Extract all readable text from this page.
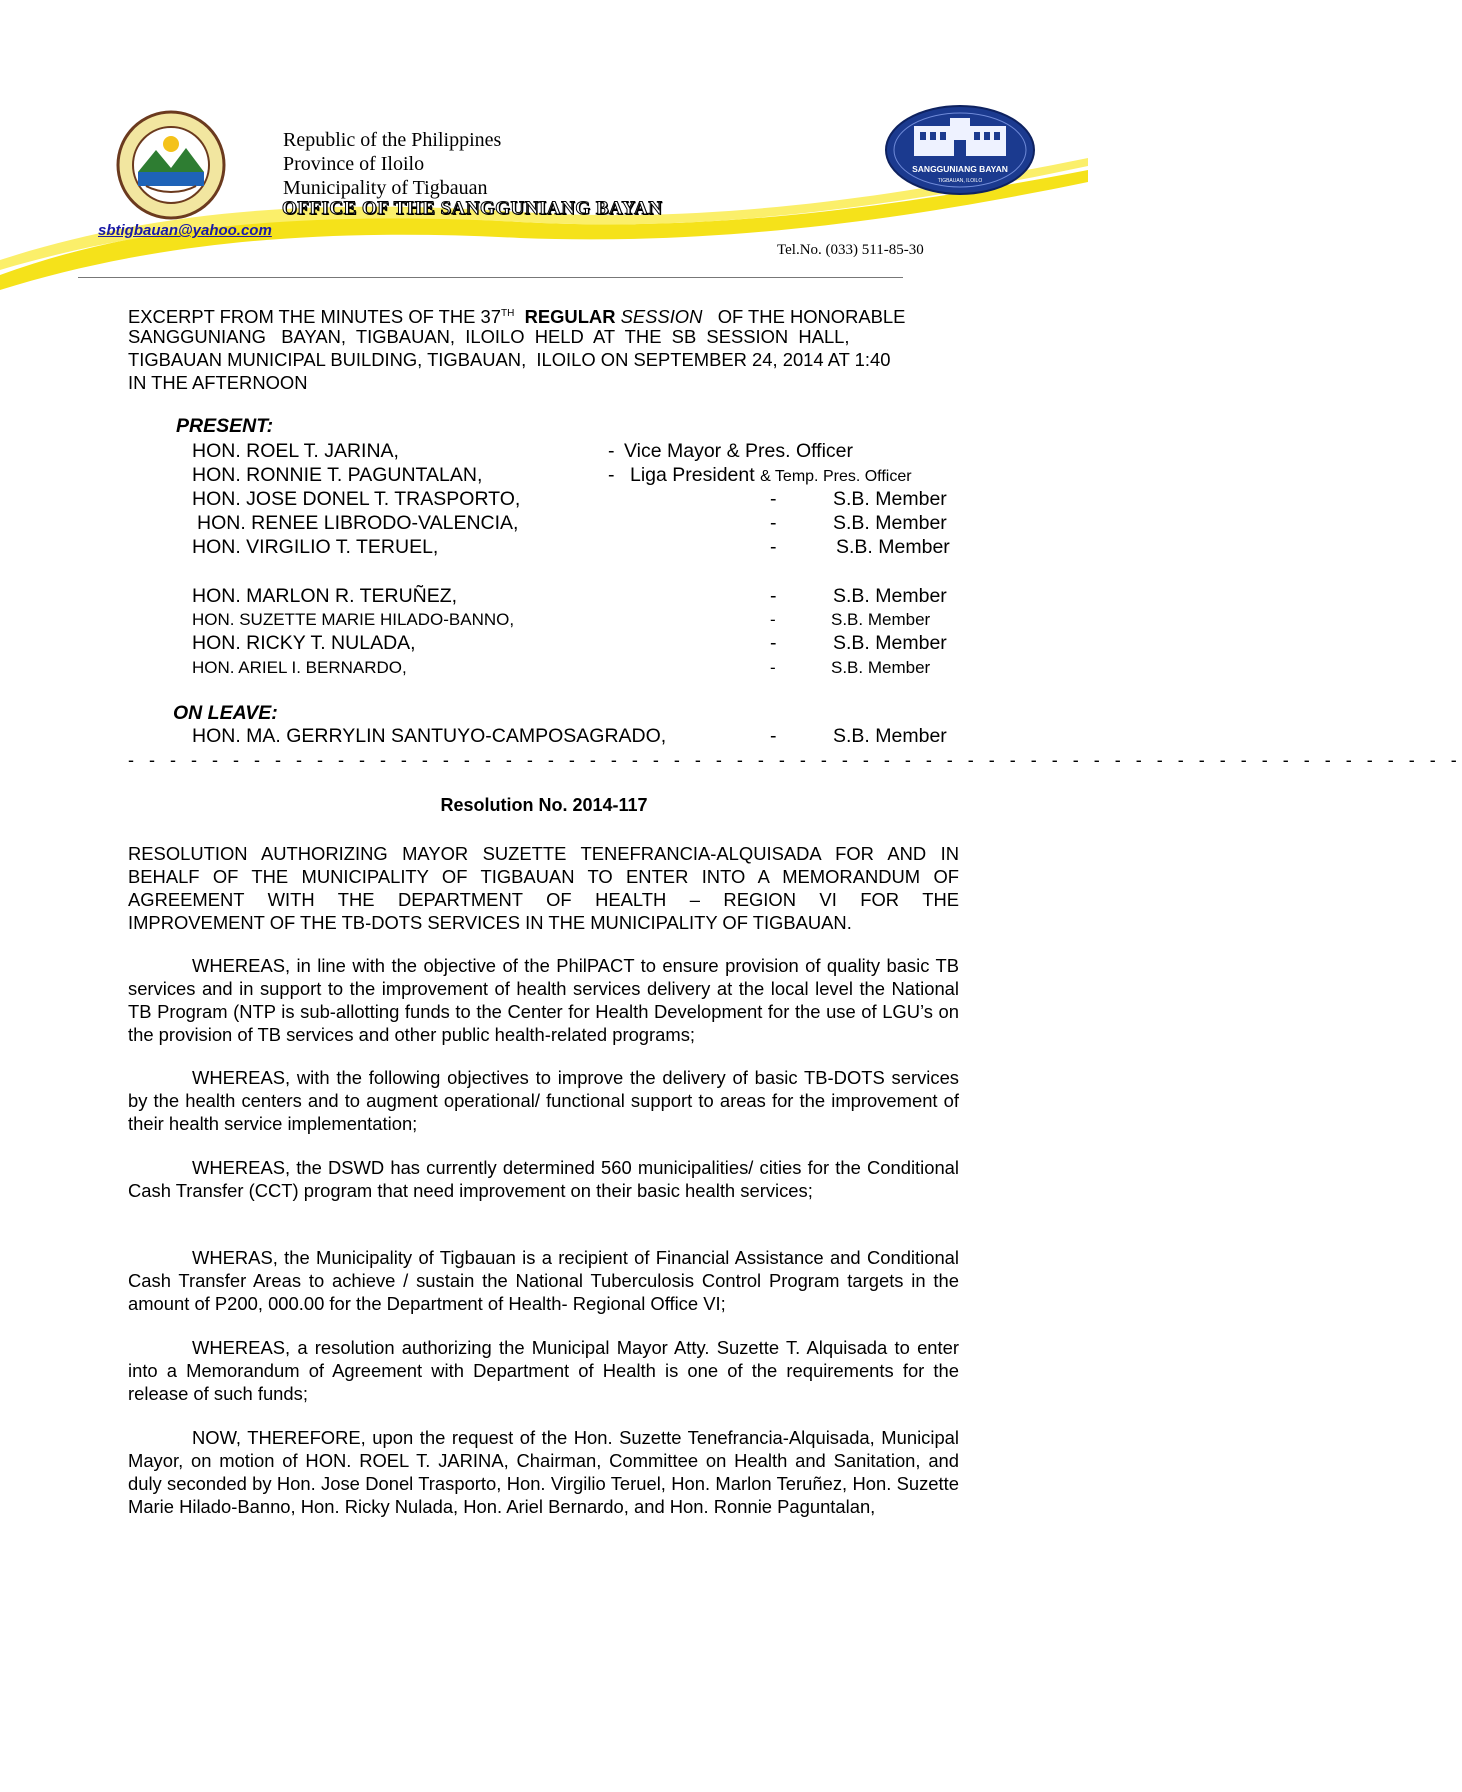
Republic of the Philippines
Province of Iloilo
Municipality of Tigbauan
OFFICE OF THE SANGGUNIANG BAYAN
SANGGUNIANG BAYAN
TIGBAUAN, ILOILO
sbtigbauan@yahoo.com
Tel.No. (033) 511-85-30
EXCERPT FROM THE MINUTES OF THE 37TH REGULAR SESSION OF THE HONORABLE
SANGGUNIANG   BAYAN,  TIGBAUAN,  ILOILO  HELD  AT  THE  SB  SESSION  HALL,
TIGBAUAN MUNICIPAL BUILDING, TIGBAUAN,  ILOILO ON SEPTEMBER 24, 2014 AT 1:40
IN THE AFTERNOON
PRESENT:
HON. ROEL T. JARINA,	- Vice Mayor & Pres. Officer
HON. RONNIE T. PAGUNTALAN,	- Liga President & Temp. Pres. Officer
HON. JOSE DONEL T. TRASPORTO,	-	S.B. Member
HON. RENEE LIBRODO-VALENCIA,	-	S.B. Member
HON. VIRGILIO T. TERUEL,	-	S.B. Member
HON. MARLON R. TERUÑEZ,	-	S.B. Member
HON. SUZETTE MARIE HILADO-BANNO,	-	S.B. Member
HON. RICKY T. NULADA,	-	S.B. Member
HON. ARIEL I. BERNARDO,	-	S.B. Member
ON LEAVE:
HON. MA. GERRYLIN SANTUYO-CAMPOSAGRADO,	-	S.B. Member
- - - - - - - - - - - - - - - - - - - - - - - - - - - - - - - - - - - - - - - - - - - - - - - - - - - - - - - - - - - - - - - -
Resolution No. 2014-117
RESOLUTION AUTHORIZING MAYOR SUZETTE TENEFRANCIA-ALQUISADA FOR AND IN
BEHALF OF THE MUNICIPALITY OF TIGBAUAN TO ENTER INTO A MEMORANDUM OF
AGREEMENT WITH THE DEPARTMENT OF HEALTH – REGION VI FOR THE
IMPROVEMENT OF THE TB-DOTS SERVICES IN THE MUNICIPALITY OF TIGBAUAN.
WHEREAS, in line with the objective of the PhilPACT to ensure provision of quality basic TB services and in support to the improvement of health services delivery at the local level the National TB Program (NTP is sub-allotting funds to the Center for Health Development for the use of LGU’s on the provision of TB services and other public health-related programs;
WHEREAS, with the following objectives to improve the delivery of basic TB-DOTS services by the health centers and to augment operational/ functional support to areas for the improvement of their health service implementation;
WHEREAS, the DSWD has currently determined 560 municipalities/ cities for the Conditional Cash Transfer (CCT) program that need improvement on their basic health services;
WHERAS, the Municipality of Tigbauan is a recipient of Financial Assistance and Conditional Cash Transfer Areas to achieve / sustain the National Tuberculosis Control Program targets in the amount of P200, 000.00 for the Department of Health- Regional Office VI;
WHEREAS, a resolution authorizing the Municipal Mayor Atty. Suzette T. Alquisada to enter into a Memorandum of Agreement with Department of Health is one of the requirements for the release of such funds;
NOW, THEREFORE, upon the request of the Hon. Suzette Tenefrancia-Alquisada, Municipal Mayor, on motion of HON. ROEL T. JARINA, Chairman, Committee on Health and Sanitation, and duly seconded by Hon. Jose Donel Trasporto, Hon. Virgilio Teruel, Hon. Marlon Teruñez, Hon. Suzette Marie Hilado-Banno, Hon. Ricky Nulada, Hon. Ariel Bernardo, and Hon. Ronnie Paguntalan,
